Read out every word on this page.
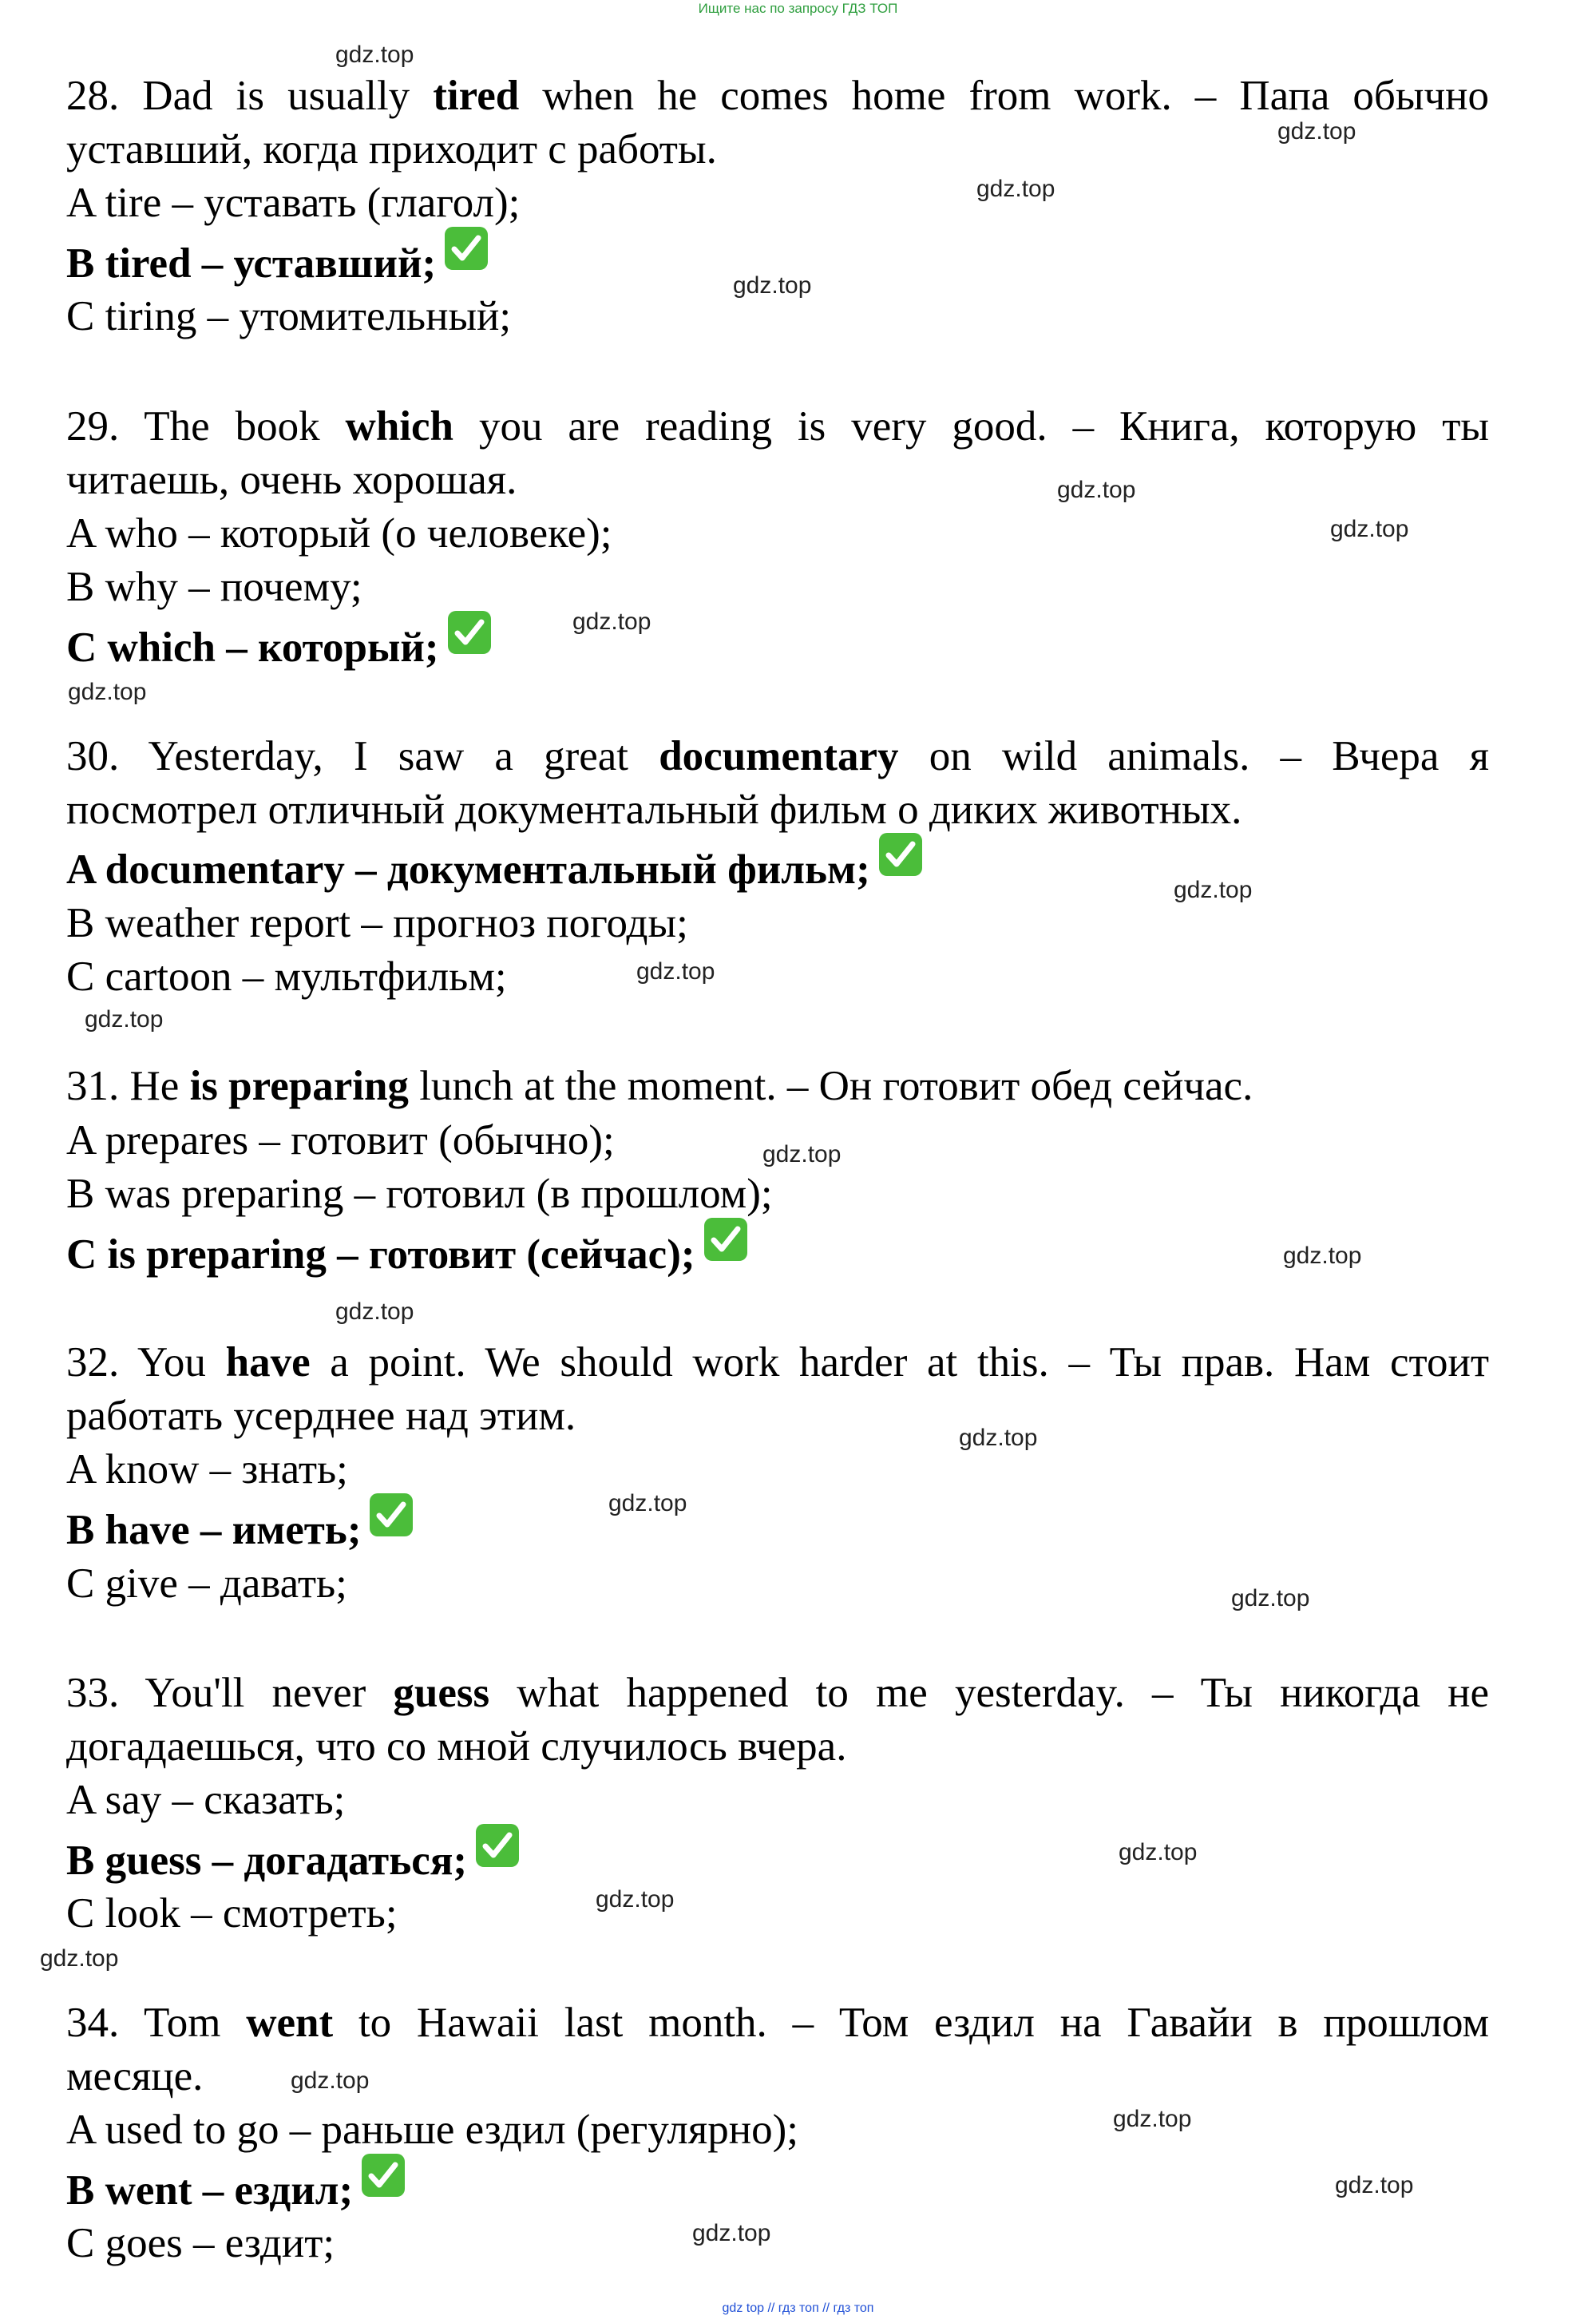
Ищите нас по запросу ГДЗ ТОП
28. Dad is usually tired when he comes home from work. – Папа обычно
уставший, когда приходит с работы.
A tire – уставать (глагол);
B tired – уставший;
C tiring – утомительный;
29. The book which you are reading is very good. – Книга, которую ты
читаешь, очень хорошая.
A who – который (о человеке);
B why – почему;
C which – который;
30. Yesterday, I saw a great documentary on wild animals. – Вчера я
посмотрел отличный документальный фильм о диких животных.
A documentary – документальный фильм;
B weather report – прогноз погоды;
C cartoon – мультфильм;
31. He is preparing lunch at the moment. – Он готовит обед сейчас.
A prepares – готовит (обычно);
B was preparing – готовил (в прошлом);
C is preparing – готовит (сейчас);
32. You have a point. We should work harder at this. – Ты прав. Нам стоит
работать усерднее над этим.
A know – знать;
B have – иметь;
C give – давать;
33. You'll never guess what happened to me yesterday. – Ты никогда не
догадаешься, что со мной случилось вчера.
A say – сказать;
B guess – догадаться;
C look – смотреть;
34. Tom went to Hawaii last month. – Том ездил на Гавайи в прошлом
месяце.
A used to go – раньше ездил (регулярно);
B went – ездил;
C goes – ездит;
gdz.top
gdz.top
gdz.top
gdz.top
gdz.top
gdz.top
gdz.top
gdz.top
gdz.top
gdz.top
gdz.top
gdz.top
gdz.top
gdz.top
gdz.top
gdz.top
gdz.top
gdz.top
gdz.top
gdz.top
gdz.top
gdz.top
gdz.top
gdz.top
gdz top // гдз топ // гдз топ
